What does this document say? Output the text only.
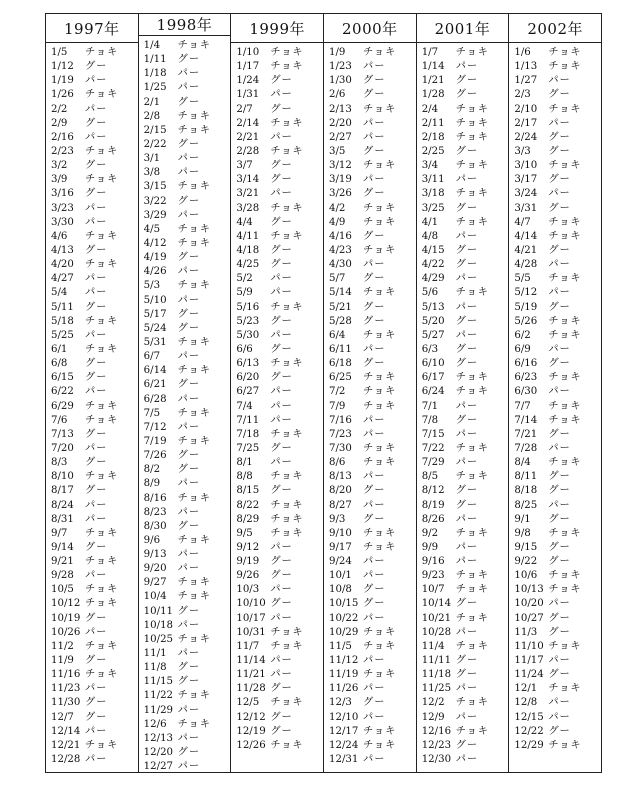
1997年
1/5 チョキ
1/12 グー
1/19 パー
1/26 チョキ
2/2 パー
2/9 グー
2/16 パー
2/23 チョキ
3/2 グー
3/9 チョキ
3/16 グー
3/23 パー
3/30 パー
4/6 チョキ
4/13 グー
4/20 チョキ
4/27 パー
5/4 パー
5/11 グー
5/18 チョキ
5/25 パー
6/1 チョキ
6/8 グー
6/15 グー
6/22 パー
6/29 チョキ
7/6 チョキ
7/13 グー
7/20 パー
8/3 グー
8/10 チョキ
8/17 グー
8/24 パー
8/31 パー
9/7 チョキ
9/14 グー
9/21 チョキ
9/28 パー
10/5 チョキ
10/12 チョキ
10/19 グー
10/26 パー
11/2 チョキ
11/9 グー
11/16 チョキ
11/23 パー
11/30 グー
12/7 グー
12/14 パー
12/21 チョキ
12/28 パー
1998年
1/4 チョキ
1/11 グー
1/18 パー
1/25 パー
2/1 グー
2/8 チョキ
2/15 チョキ
2/22 グー
3/1 パー
3/8 パー
3/15 チョキ
3/22 グー
3/29 パー
4/5 チョキ
4/12 チョキ
4/19 グー
4/26 パー
5/3 チョキ
5/10 パー
5/17 グー
5/24 グー
5/31 チョキ
6/7 パー
6/14 チョキ
6/21 グー
6/28 パー
7/5 チョキ
7/12 パー
7/19 チョキ
7/26 グー
8/2 グー
8/9 パー
8/16 チョキ
8/23 パー
8/30 グー
9/6 チョキ
9/13 パー
9/20 パー
9/27 チョキ
10/4 チョキ
10/11 グー
10/18 パー
10/25 チョキ
11/1 パー
11/8 グー
11/15 グー
11/22 チョキ
11/29 パー
12/6 チョキ
12/13 パー
12/20 グー
12/27 パー
1999年
1/10 チョキ
1/17 チョキ
1/24 グー
1/31 パー
2/7 グー
2/14 チョキ
2/21 パー
2/28 チョキ
3/7 グー
3/14 グー
3/21 パー
3/28 チョキ
4/4 グー
4/11 チョキ
4/18 グー
4/25 グー
5/2 パー
5/9 パー
5/16 チョキ
5/23 グー
5/30 パー
6/6 グー
6/13 チョキ
6/20 グー
6/27 パー
7/4 パー
7/11 パー
7/18 チョキ
7/25 グー
8/1 パー
8/8 チョキ
8/15 グー
8/22 チョキ
8/29 チョキ
9/5 チョキ
9/12 パー
9/19 グー
9/26 グー
10/3 パー
10/10 グー
10/17 パー
10/31 チョキ
11/7 チョキ
11/14 パー
11/21 パー
11/28 グー
12/5 チョキ
12/12 グー
12/19 グー
12/26 チョキ
2000年
1/9 チョキ
1/23 パー
1/30 グー
2/6 グー
2/13 チョキ
2/20 パー
2/27 パー
3/5 グー
3/12 チョキ
3/19 パー
3/26 グー
4/2 チョキ
4/9 チョキ
4/16 グー
4/23 チョキ
4/30 パー
5/7 グー
5/14 チョキ
5/21 グー
5/28 グー
6/4 チョキ
6/11 パー
6/18 グー
6/25 チョキ
7/2 チョキ
7/9 チョキ
7/16 パー
7/23 パー
7/30 チョキ
8/6 チョキ
8/13 パー
8/20 グー
8/27 パー
9/3 グー
9/10 チョキ
9/17 チョキ
9/24 パー
10/1 パー
10/8 グー
10/15 グー
10/22 パー
10/29 チョキ
11/5 チョキ
11/12 パー
11/19 チョキ
11/26 パー
12/3 グー
12/10 パー
12/17 チョキ
12/24 チョキ
12/31 パー
2001年
1/7 チョキ
1/14 パー
1/21 グー
1/28 グー
2/4 チョキ
2/11 チョキ
2/18 チョキ
2/25 グー
3/4 チョキ
3/11 パー
3/18 チョキ
3/25 グー
4/1 チョキ
4/8 パー
4/15 グー
4/22 グー
4/29 パー
5/6 チョキ
5/13 パー
5/20 グー
5/27 パー
6/3 グー
6/10 グー
6/17 チョキ
6/24 チョキ
7/1 パー
7/8 グー
7/15 パー
7/22 チョキ
7/29 パー
8/5 チョキ
8/12 グー
8/19 グー
8/26 パー
9/2 チョキ
9/9 パー
9/16 パー
9/23 チョキ
10/7 チョキ
10/14 グー
10/21 チョキ
10/28 パー
11/4 チョキ
11/11 グー
11/18 グー
11/25 パー
12/2 チョキ
12/9 パー
12/16 チョキ
12/23 グー
12/30 パー
2002年
1/6 チョキ
1/13 チョキ
1/27 パー
2/3 グー
2/10 チョキ
2/17 パー
2/24 グー
3/3 グー
3/10 チョキ
3/17 グー
3/24 パー
3/31 グー
4/7 チョキ
4/14 チョキ
4/21 グー
4/28 パー
5/5 チョキ
5/12 パー
5/19 グー
5/26 チョキ
6/2 チョキ
6/9 パー
6/16 グー
6/23 チョキ
6/30 パー
7/7 チョキ
7/14 チョキ
7/21 グー
7/28 パー
8/4 チョキ
8/11 グー
8/18 グー
8/25 パー
9/1 グー
9/8 チョキ
9/15 グー
9/22 グー
10/6 チョキ
10/13 チョキ
10/20 パー
10/27 グー
11/3 グー
11/10 チョキ
11/17 パー
11/24 グー
12/1 チョキ
12/8 パー
12/15 パー
12/22 グー
12/29 チョキ
